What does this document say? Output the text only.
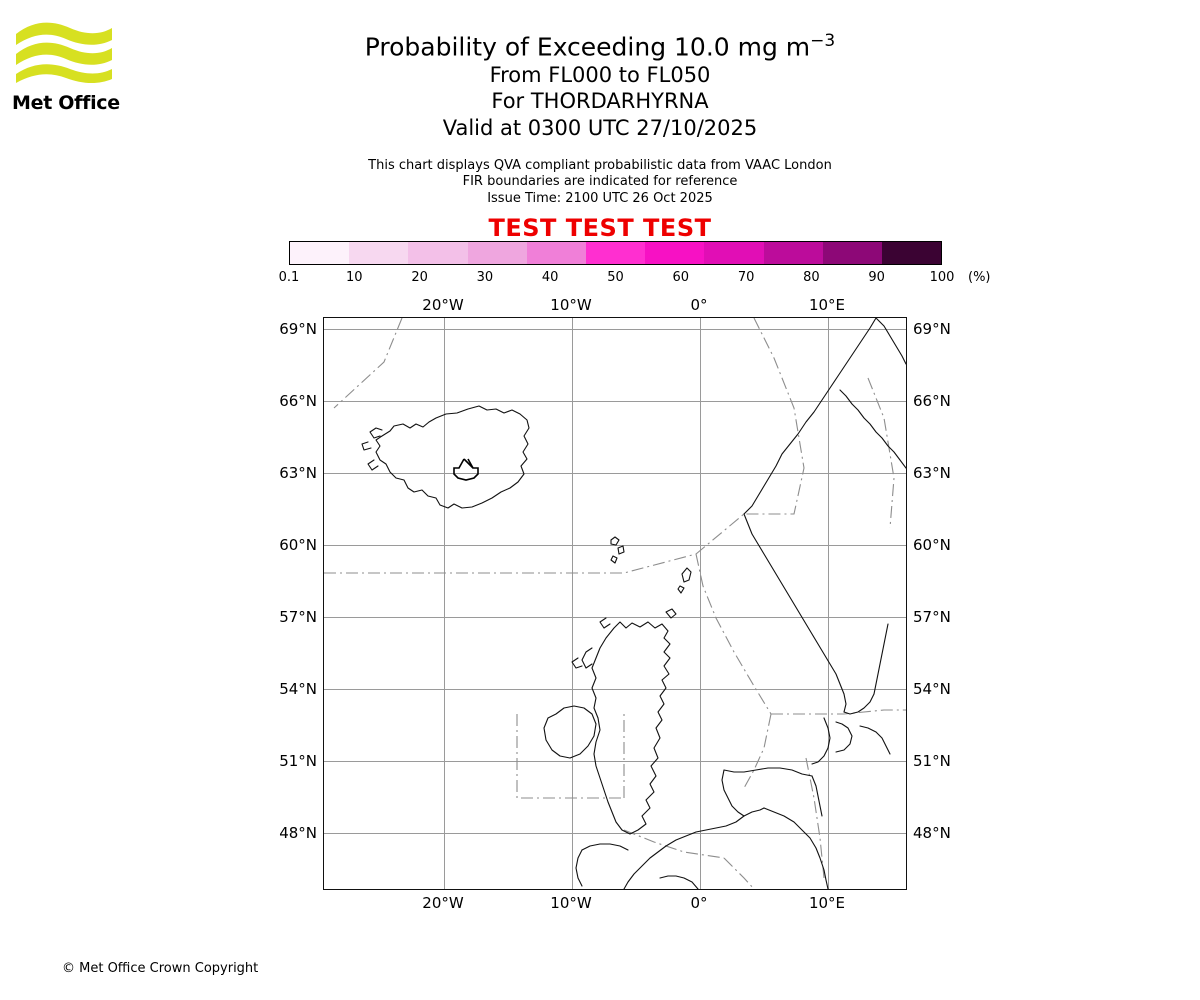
Met Office
Probability of Exceeding 10.0 mg $m^{-3}$
From FL000 to FL050
For THORDARHYRNA
Valid at 0300 UTC 27/10/2025
This chart displays QVA compliant probabilistic data from VAAC London
FIR boundaries are indicated for reference
Issue Time: 2100 UTC 26 Oct 2025
TEST TEST TEST
0.1	10	20	30	40	50	60	70	80	90	100	(%)
69°N	69°N
66°N	66°N
63°N	63°N
60°N	60°N
57°N	57°N
54°N	54°N
51°N	51°N
48°N	48°N
20°W
20°W
10°W
10°W
0°
0°
10°E
10°E
© Met Office Crown Copyright
